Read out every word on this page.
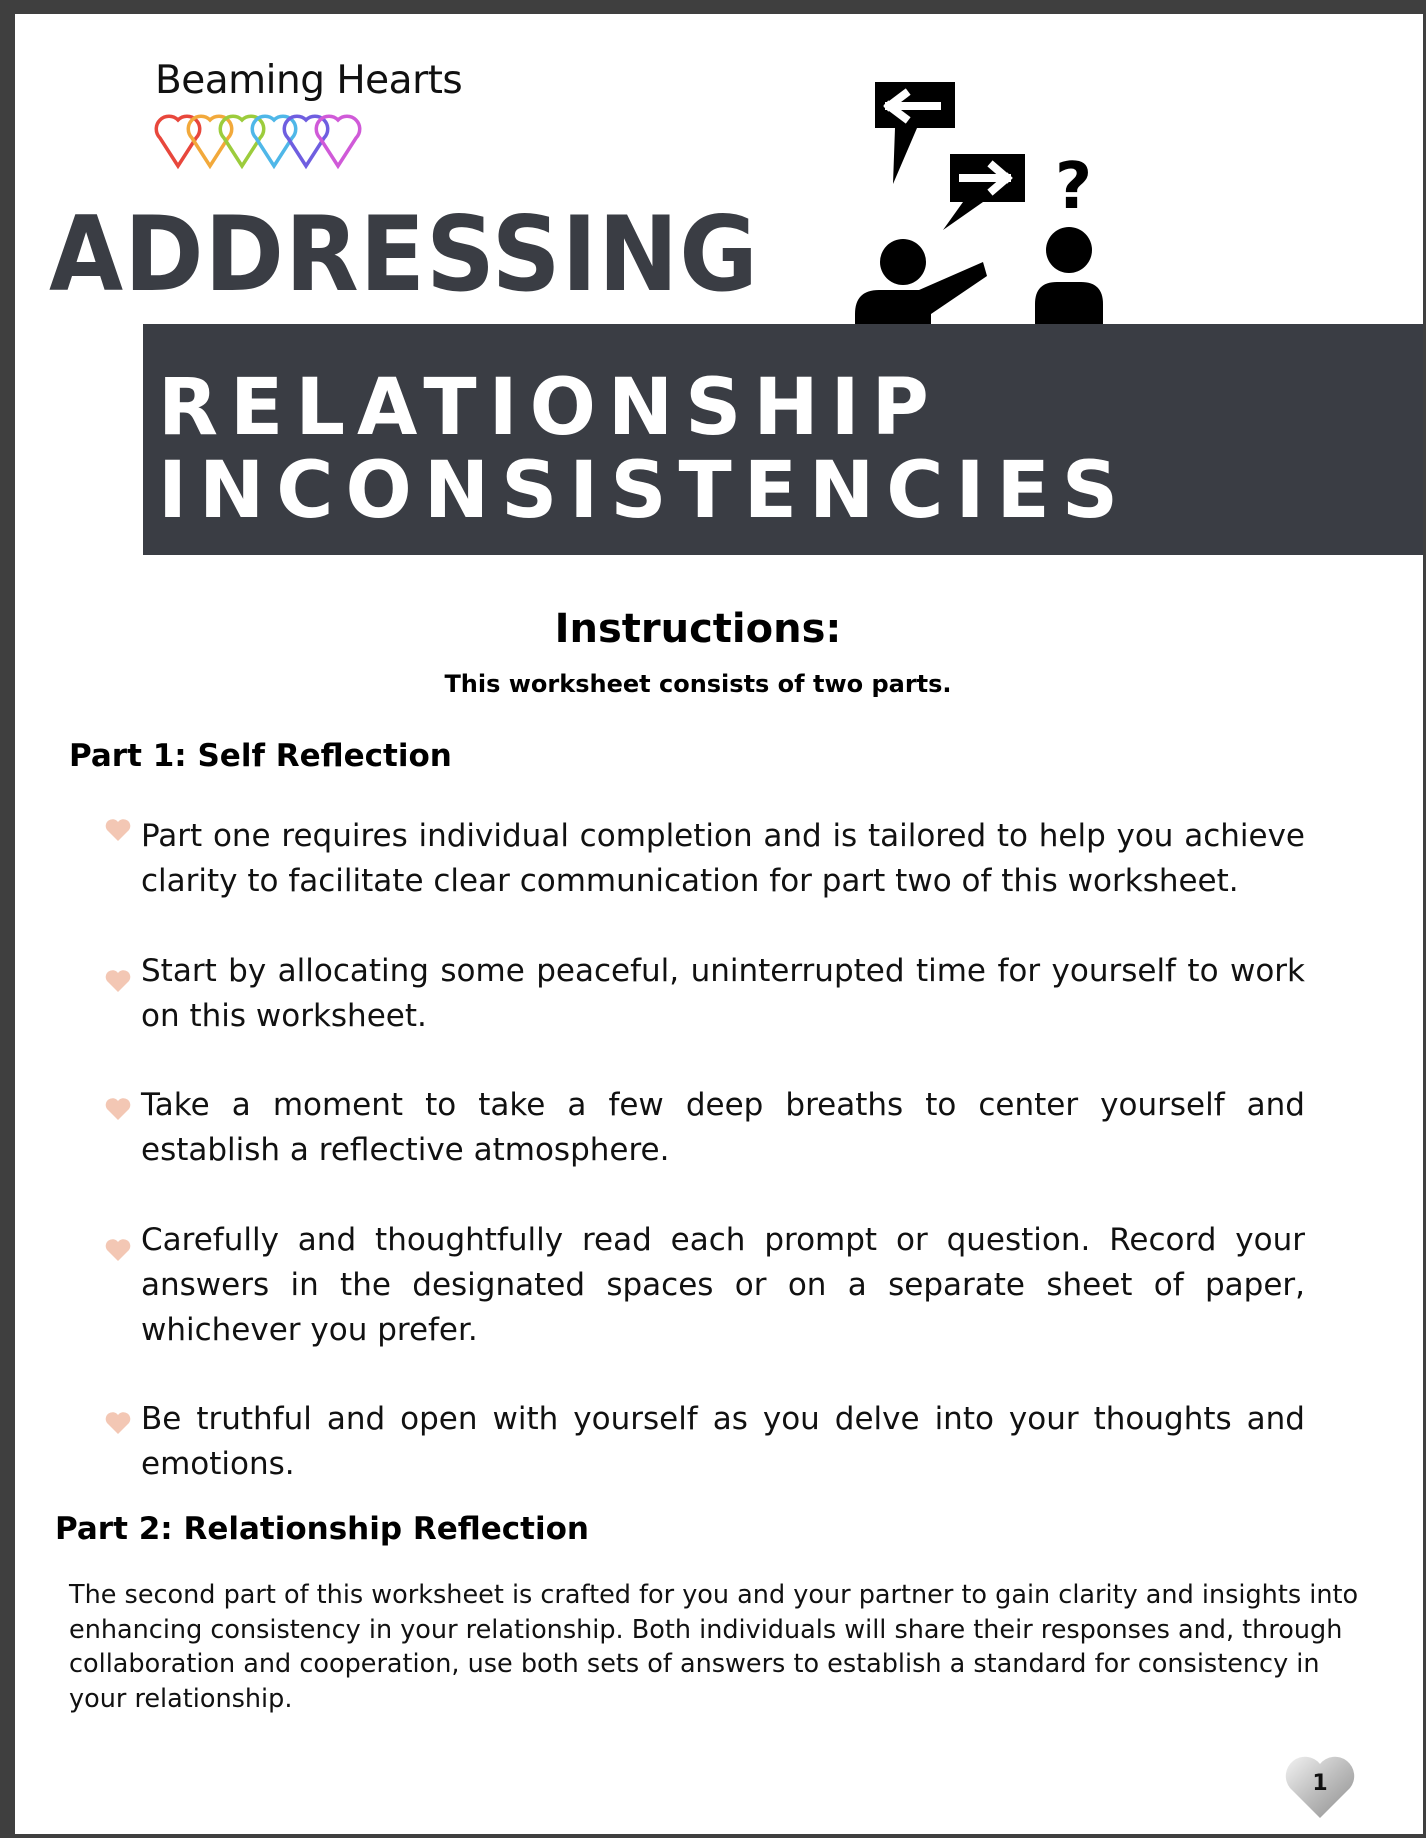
Beaming Hearts
ADDRESSING
?
RELATIONSHIP
INCONSISTENCIES
Instructions:
This worksheet consists of two parts.
Part 1: Self Reflection
Part one requires individual completion and is tailored to help you achieve clarity to facilitate clear communication for part two of this worksheet.
Start by allocating some peaceful, uninterrupted time for yourself to work on this worksheet.
Take a moment to take a few deep breaths to center yourself and establish a reflective atmosphere.
Carefully and thoughtfully read each prompt or question. Record your answers in the designated spaces or on a separate sheet of paper, whichever you prefer.
Be truthful and open with yourself as you delve into your thoughts and emotions.
Part 2: Relationship Reflection
The second part of this worksheet is crafted for you and your partner to gain clarity and insights into enhancing consistency in your relationship. Both individuals will share their responses and, through collaboration and cooperation, use both sets of answers to establish a standard for consistency in your relationship.
1
